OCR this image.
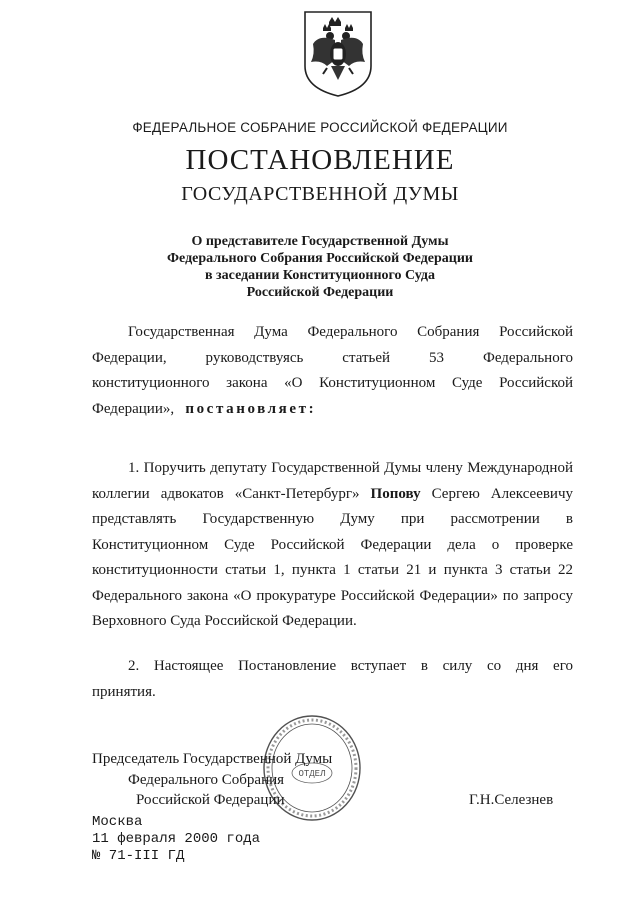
ФЕДЕРАЛЬНОЕ СОБРАНИЕ РОССИЙСКОЙ ФЕДЕРАЦИИ
ПОСТАНОВЛЕНИЕ
ГОСУДАРСТВЕННОЙ ДУМЫ
О представителе Государственной Думы
Федерального Собрания Российской Федерации
в заседании Конституционного Суда
Российской Федерации
Государственная Дума Федерального Собрания Российской
Федерации, руководствуясь статьей 53 Федерального
конституционного закона «О Конституционном Суде Российской
Федерации», постановляет:
1. Поручить депутату Государственной Думы члену Международной
коллегии адвокатов «Санкт-Петербург» Попову Сергею Алексеевичу
представлять Государственную Думу при рассмотрении в
Конституционном Суде Российской Федерации дела о проверке
конституционности статьи 1, пункта 1 статьи 21 и пункта 3 статьи 22
Федерального закона «О прокуратуре Российской Федерации» по запросу
Верховного Суда Российской Федерации.
2. Настоящее Постановление вступает в силу со дня его
принятия.
ОТДЕЛ
Председатель Государственной Думы
Федерального Собрания
Российской Федерации	Г.Н.Селезнев
Москва
11 февраля 2000 года
№ 71-III ГД
